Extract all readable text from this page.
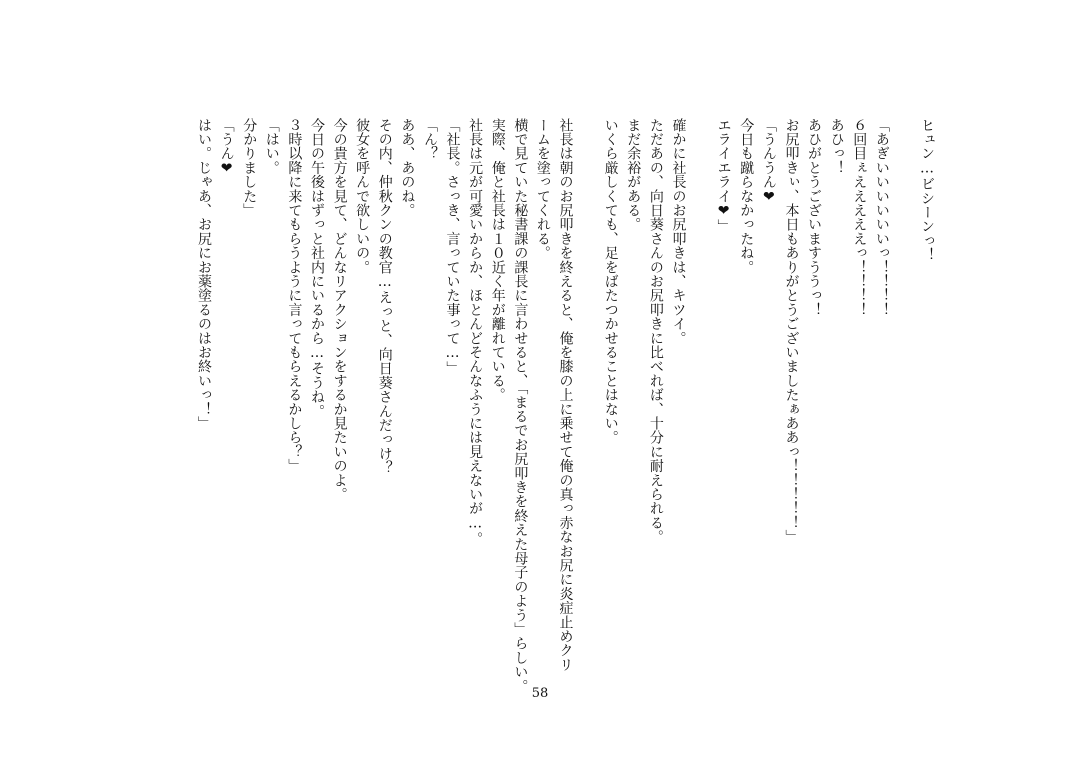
ヒュン…ビシーンっ！
「あぎいいいいいいっ！！！！
６回目ぇえええええっ！！！！
あひっ！
あひがとうございますううっ！
お尻叩きぃ、本日もありがとうございましたぁああっ！！！！！」
「うんうん❤
今日も蹴らなかったね。
エライエライ❤」
確かに社長のお尻叩きは、キツイ。
ただあの、向日葵さんのお尻叩きに比べれば、十分に耐えられる。
まだ余裕がある。
いくら厳しくても、足をばたつかせることはない。
社長は朝のお尻叩きを終えると、俺を膝の上に乗せて俺の真っ赤なお尻に炎症止めクリ
ームを塗ってくれる。
横で見ていた秘書課の課長に言わせると、「まるでお尻叩きを終えた母子のよう」らしい。
実際、俺と社長は１０近く年が離れている。
社長は元が可愛いからか、ほとんどそんなふうには見えないが…。
「社長。さっき、言っていた事って…」
「ん？
ああ、あのね。
その内、仲秋クンの教官…えっと、向日葵さんだっけ？
彼女を呼んで欲しいの。
今の貴方を見て、どんなリアクションをするか見たいのよ。
今日の午後はずっと社内にいるから…そうね。
３時以降に来てもらうように言ってもらえるかしら？」
「はい。
分かりました」
「うん❤
はい。じゃあ、お尻にお薬塗るのはお終いっ！」
58
